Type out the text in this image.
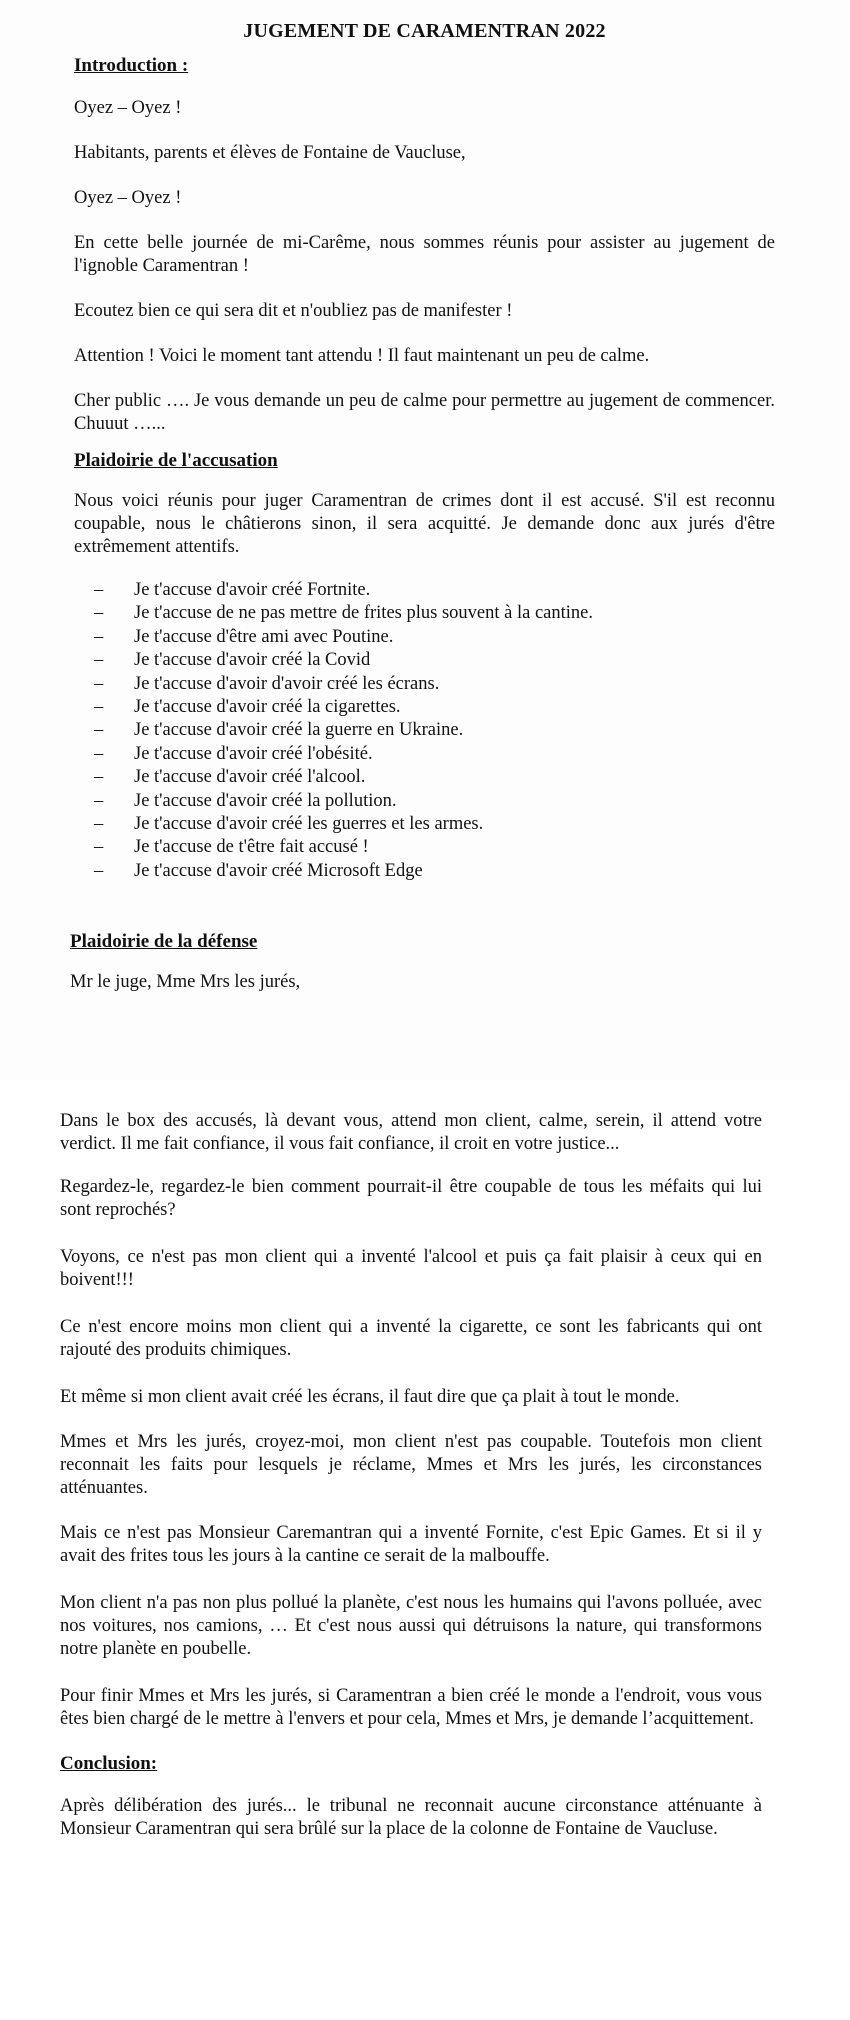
JUGEMENT DE CARAMENTRAN 2022
Introduction :

Oyez – Oyez !

Habitants, parents et élèves de Fontaine de Vaucluse,

Oyez – Oyez !

En cette belle journée de mi-Carême, nous sommes réunis pour assister au jugement de l'ignoble Caramentran !

Ecoutez bien ce qui sera dit et n'oubliez pas de manifester !

Attention ! Voici le moment tant attendu ! Il faut maintenant un peu de calme.

Cher public …. Je vous demande un peu de calme pour permettre au jugement de commencer. Chuuut …...

Plaidoirie de l'accusation

Nous voici réunis pour juger Caramentran de crimes dont il est accusé. S'il est reconnu coupable, nous le châtierons sinon, il sera acquitté. Je demande donc aux jurés d'être extrêmement attentifs.

– Je t'accuse d'avoir créé Fortnite.
– Je t'accuse de ne pas mettre de frites plus souvent à la cantine.
– Je t'accuse d'être ami avec Poutine.
– Je t'accuse d'avoir créé la Covid
– Je t'accuse d'avoir d'avoir créé les écrans.
– Je t'accuse d'avoir créé la cigarettes.
– Je t'accuse d'avoir créé la guerre en Ukraine.
– Je t'accuse d'avoir créé l'obésité.
– Je t'accuse d'avoir créé l'alcool.
– Je t'accuse d'avoir créé la pollution.
– Je t'accuse d'avoir créé les guerres et les armes.
– Je t'accuse de t'être fait accusé !
– Je t'accuse d'avoir créé Microsoft Edge
Plaidoirie de la défense

Mr le juge, Mme Mrs les jurés,

Dans le box des accusés, là devant vous, attend mon client, calme, serein, il attend votre verdict. Il me fait confiance, il vous fait confiance, il croit en votre justice...

Regardez-le, regardez-le bien comment pourrait-il être coupable de tous les méfaits qui lui sont reprochés?

Voyons, ce n'est pas mon client qui a inventé l'alcool et puis ça fait plaisir à ceux qui en boivent!!!

Ce n'est encore moins mon client qui a inventé la cigarette, ce sont les fabricants qui ont rajouté des produits chimiques.

Et même si mon client avait créé les écrans, il faut dire que ça plait à tout le monde.

Mmes et Mrs les jurés, croyez-moi, mon client n'est pas coupable. Toutefois mon client reconnait les faits pour lesquels je réclame, Mmes et Mrs les jurés, les circonstances atténuantes.

Mais ce n'est pas Monsieur Caremantran qui a inventé Fornite, c'est Epic Games. Et si il y avait des frites tous les jours à la cantine ce serait de la malbouffe.

Mon client n'a pas non plus pollué la planète, c'est nous les humains qui l'avons polluée, avec nos voitures, nos camions, … Et c'est nous aussi qui détruisons la nature, qui transformons notre planète en poubelle.

Pour finir Mmes et Mrs les jurés, si Caramentran a bien créé le monde a l'endroit, vous vous êtes bien chargé de le mettre à l'envers et pour cela, Mmes et Mrs, je demande l’acquittement.

Conclusion:

Après délibération des jurés... le tribunal ne reconnait aucune circonstance atténuante à Monsieur Caramentran qui sera brûlé sur la place de la colonne de Fontaine de Vaucluse.
